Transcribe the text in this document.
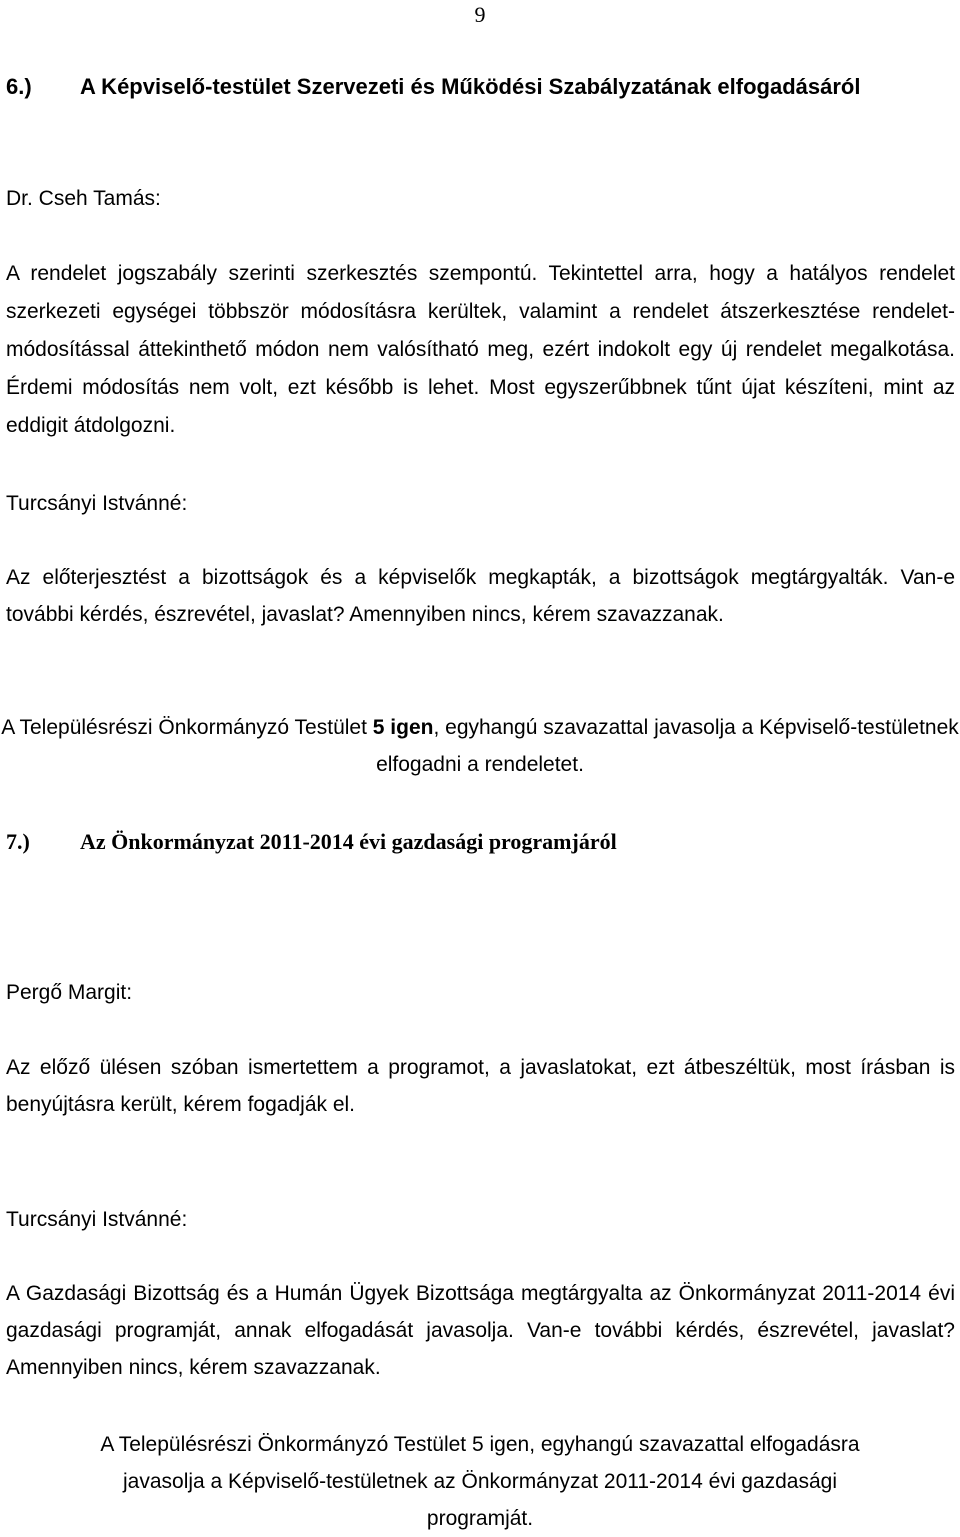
9
6.)	A Képviselő-testület Szervezeti és Működési Szabályzatának elfogadásáról
Dr. Cseh Tamás:
A rendelet jogszabály szerinti szerkesztés szempontú. Tekintettel arra, hogy a hatályos rendelet szerkezeti egységei többször módosításra kerültek, valamint a rendelet átszerkesztése rendelet-módosítással áttekinthető módon nem valósítható meg, ezért indokolt egy új rendelet megalkotása. Érdemi módosítás nem volt, ezt később is lehet. Most egyszerűbbnek tűnt újat készíteni, mint az eddigit átdolgozni.
Turcsányi Istvánné:
Az előterjesztést a bizottságok és a képviselők megkapták, a bizottságok megtárgyalták. Van-e további kérdés, észrevétel, javaslat? Amennyiben nincs, kérem szavazzanak.
A Településrészi Önkormányzó Testület 5 igen, egyhangú szavazattal javasolja a Képviselő-testületnek elfogadni a rendeletet.
7.)	Az Önkormányzat 2011-2014 évi gazdasági programjáról
Pergő Margit:
Az előző ülésen szóban ismertettem a programot, a javaslatokat, ezt átbeszéltük, most írásban is benyújtásra került, kérem fogadják el.
Turcsányi Istvánné:
A Gazdasági Bizottság és a Humán Ügyek Bizottsága megtárgyalta az Önkormányzat 2011-2014 évi gazdasági programját, annak elfogadását javasolja. Van-e további kérdés, észrevétel, javaslat? Amennyiben nincs, kérem szavazzanak.
A Településrészi Önkormányzó Testület 5 igen, egyhangú szavazattal elfogadásra javasolja a Képviselő-testületnek az Önkormányzat 2011-2014 évi gazdasági programját.
